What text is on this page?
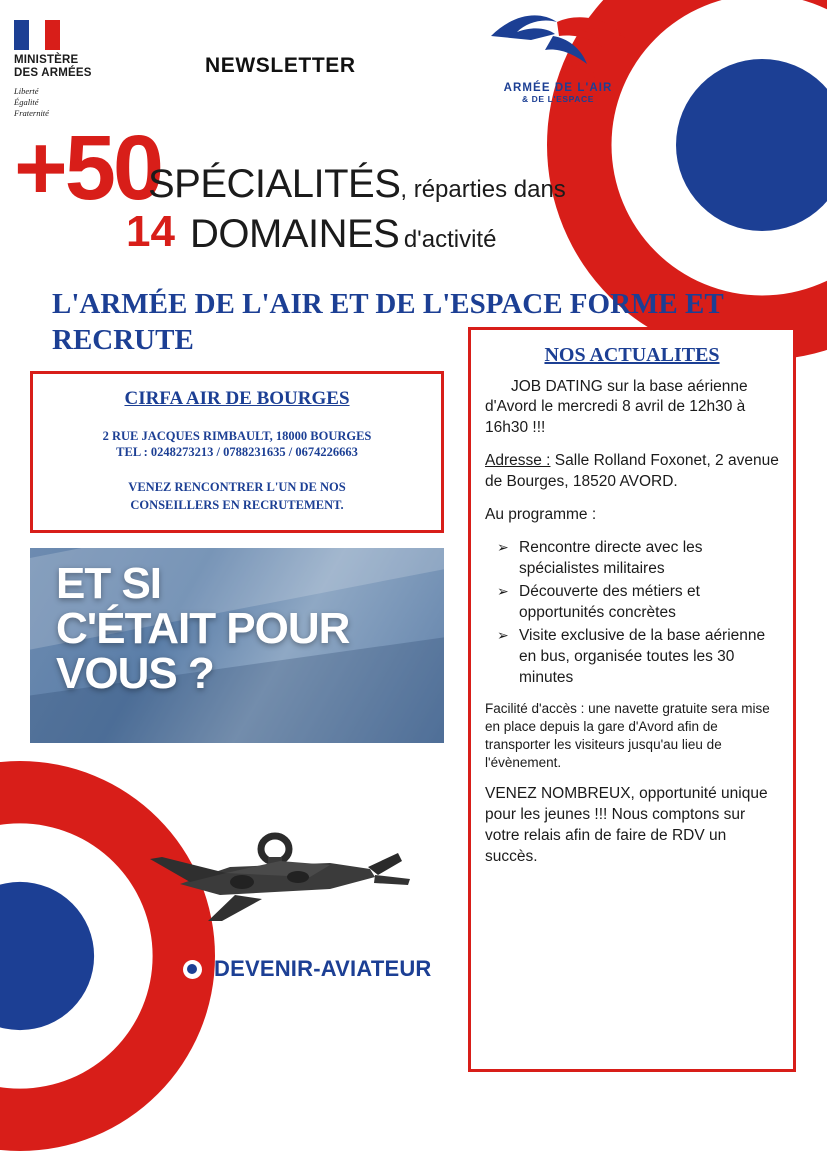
MINISTÈRE
DES ARMÉES
Liberté
Égalité
Fraternité
NEWSLETTER
ARMÉE DE L'AIR
& DE L'ESPACE
+50
SPÉCIALITÉS, réparties dans
14 DOMAINES d'activité
L'ARMÉE DE L'AIR ET DE L'ESPACE FORME ET RECRUTE
CIRFA AIR DE BOURGES
2 RUE JACQUES RIMBAULT, 18000 BOURGES
TEL : 0248273213 / 0788231635 / 0674226663
VENEZ RENCONTRER L'UN DE NOS
CONSEILLERS EN RECRUTEMENT.
ET SI
C'ÉTAIT POUR
VOUS ?
DEVENIR-AVIATEUR
NOS ACTUALITES

JOB DATING sur la base aérienne d'Avord le mercredi 8 avril de 12h30 à 16h30 !!!

Adresse : Salle Rolland Foxonet, 2 avenue de Bourges, 18520 AVORD.

Au programme :

➢ Rencontre directe avec les spécialistes militaires
➢ Découverte des métiers et opportunités concrètes
➢ Visite exclusive de la base aérienne en bus, organisée toutes les 30 minutes

Facilité d'accès : une navette gratuite sera mise en place depuis la gare d'Avord afin de transporter les visiteurs jusqu'au lieu de l'évènement.

VENEZ NOMBREUX, opportunité unique pour les jeunes !!! Nous comptons sur votre relais afin de faire de RDV un succès.
